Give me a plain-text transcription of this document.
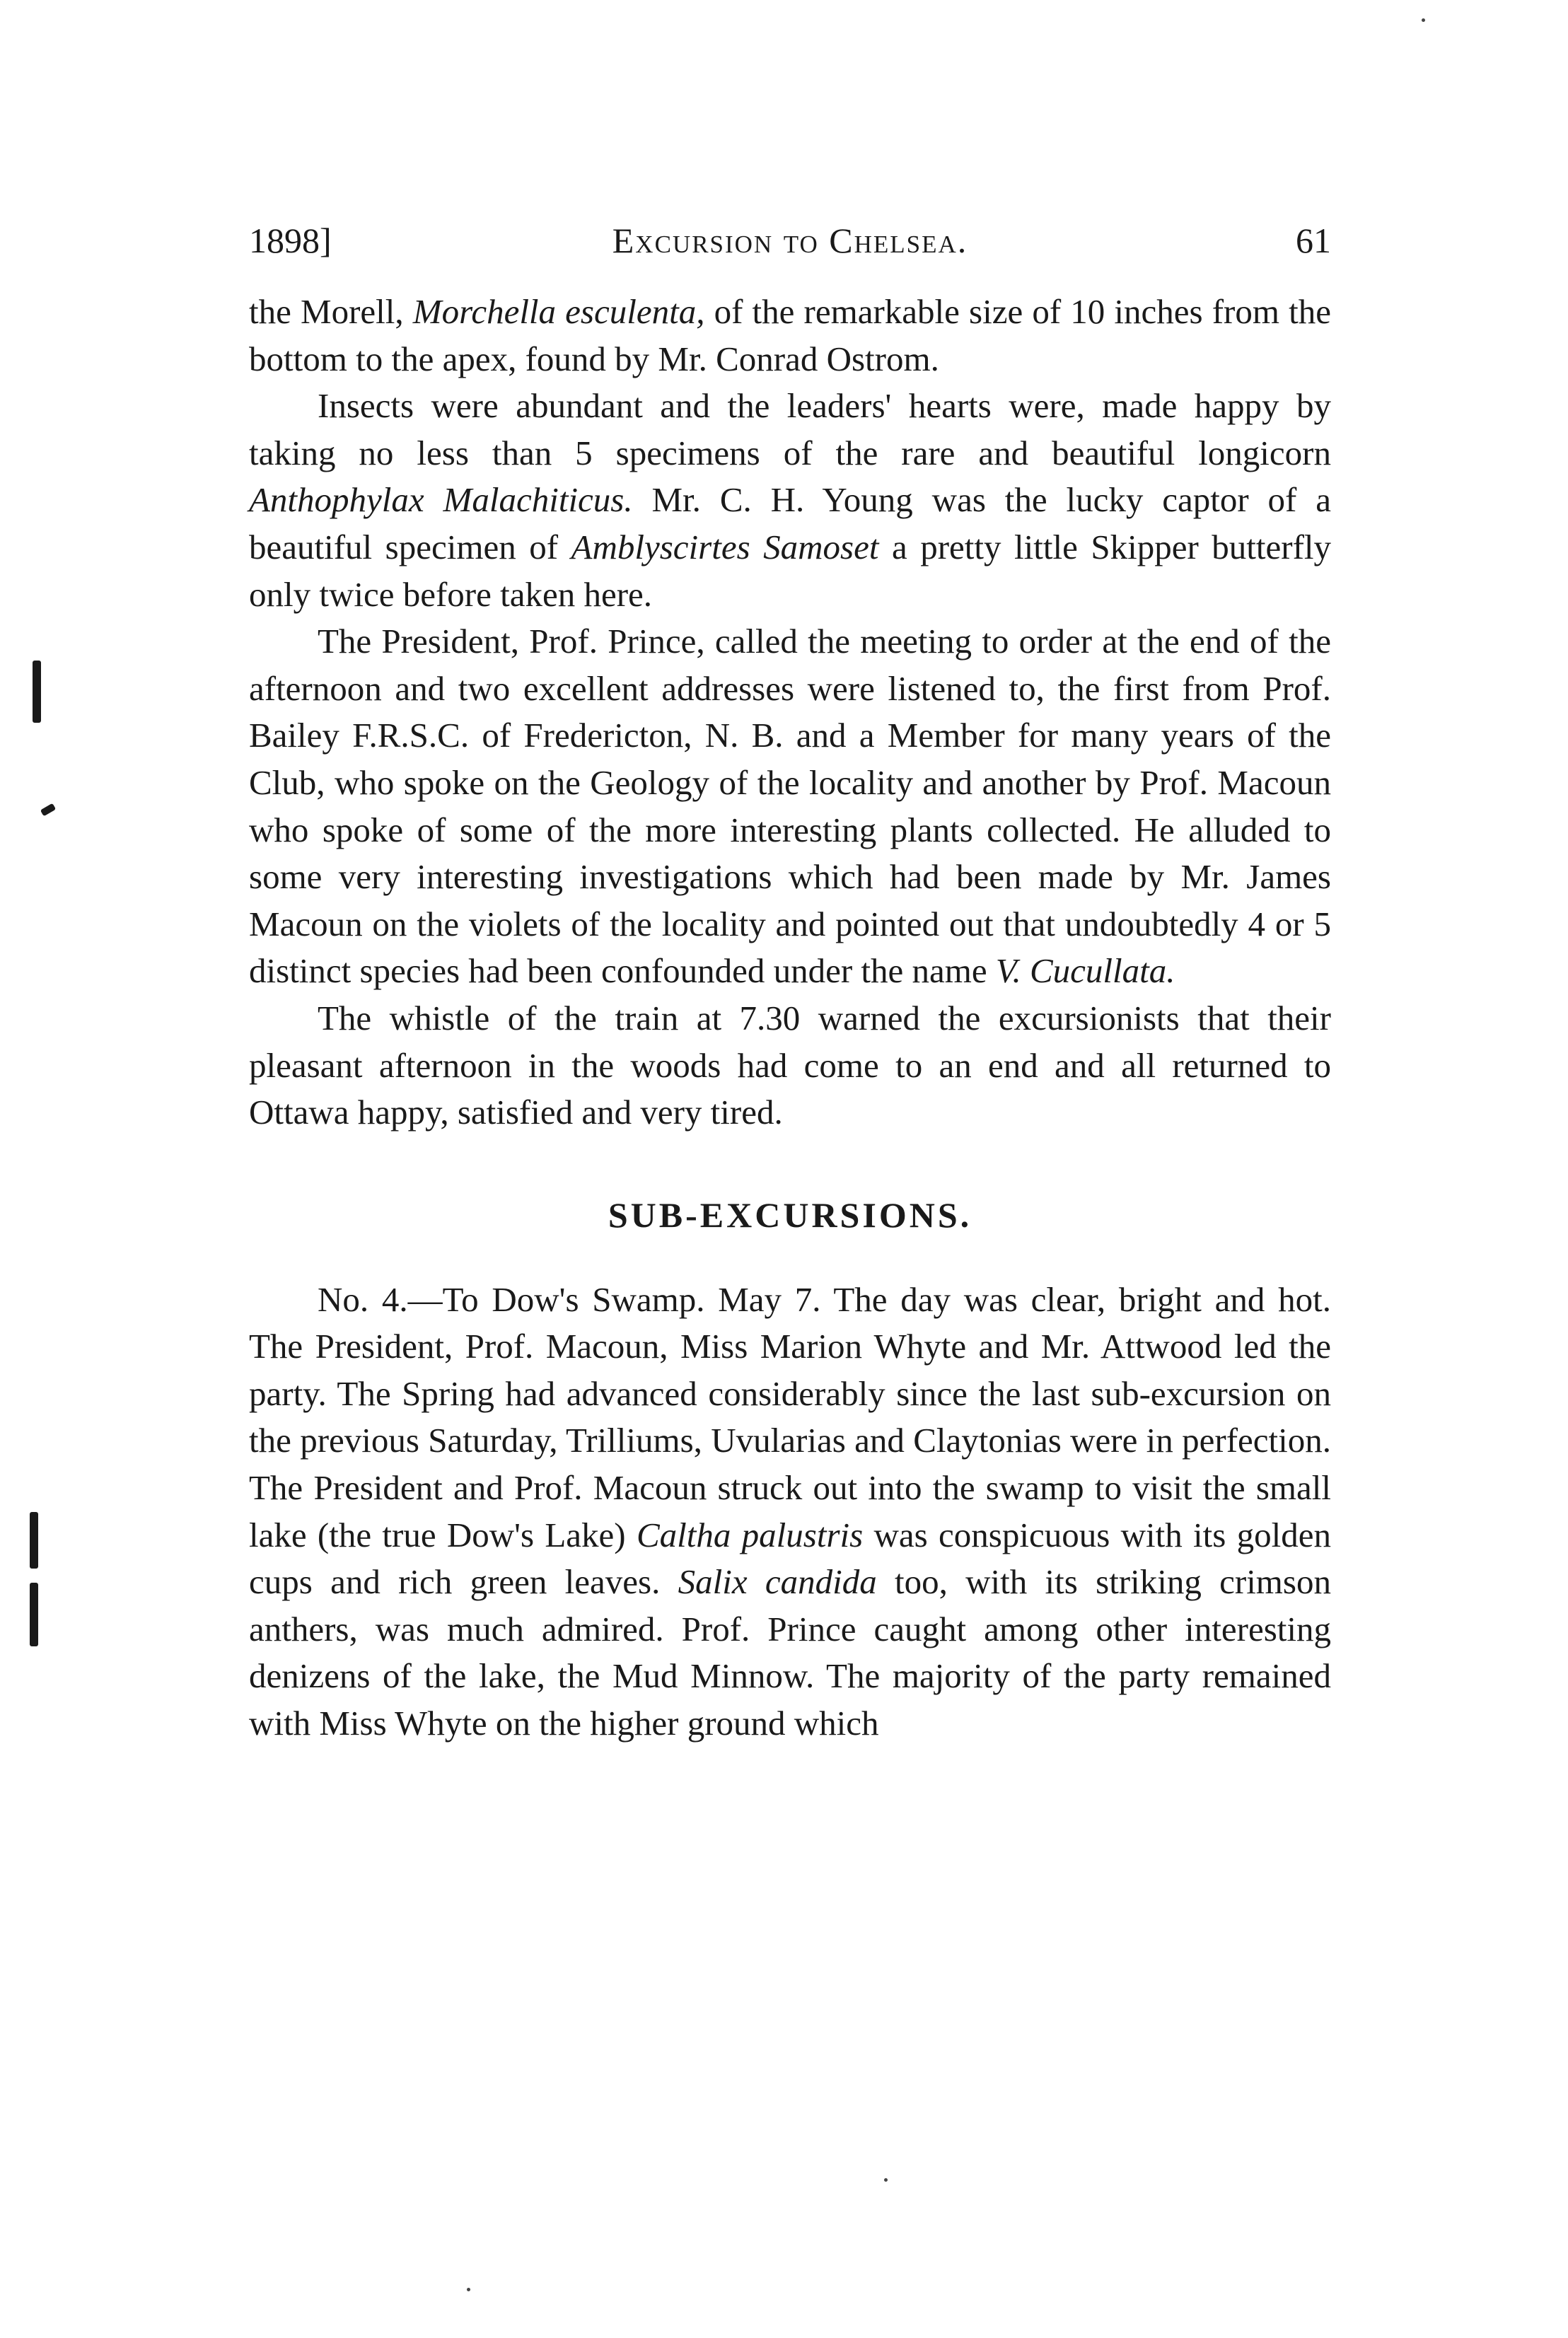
1898]	Excursion to Chelsea.	61

the Morell, Morchella esculenta, of the remarkable size of 10 inches from the bottom to the apex, found by Mr. Conrad Ostrom.

Insects were abundant and the leaders' hearts were, made happy by taking no less than 5 specimens of the rare and beautiful longicorn Anthophylax Malachiticus. Mr. C. H. Young was the lucky captor of a beautiful specimen of Amblyscirtes Samoset a pretty little Skipper butterfly only twice before taken here.

The President, Prof. Prince, called the meeting to order at the end of the afternoon and two excellent addresses were listened to, the first from Prof. Bailey F.R.S.C. of Fredericton, N. B. and a Member for many years of the Club, who spoke on the Geology of the locality and another by Prof. Macoun who spoke of some of the more interesting plants collected. He alluded to some very interesting investigations which had been made by Mr. James Macoun on the violets of the locality and pointed out that undoubtedly 4 or 5 distinct species had been confounded under the name V. Cucullata.

The whistle of the train at 7.30 warned the excursionists that their pleasant afternoon in the woods had come to an end and all returned to Ottawa happy, satisfied and very tired.

SUB-EXCURSIONS.

No. 4.—To Dow's Swamp. May 7. The day was clear, bright and hot. The President, Prof. Macoun, Miss Marion Whyte and Mr. Attwood led the party. The Spring had advanced considerably since the last sub-excursion on the previous Saturday, Trilliums, Uvularias and Claytonias were in perfection. The President and Prof. Macoun struck out into the swamp to visit the small lake (the true Dow's Lake) Caltha palustris was conspicuous with its golden cups and rich green leaves. Salix candida too, with its striking crimson anthers, was much admired. Prof. Prince caught among other interesting denizens of the lake, the Mud Minnow. The majority of the party remained with Miss Whyte on the higher ground which
